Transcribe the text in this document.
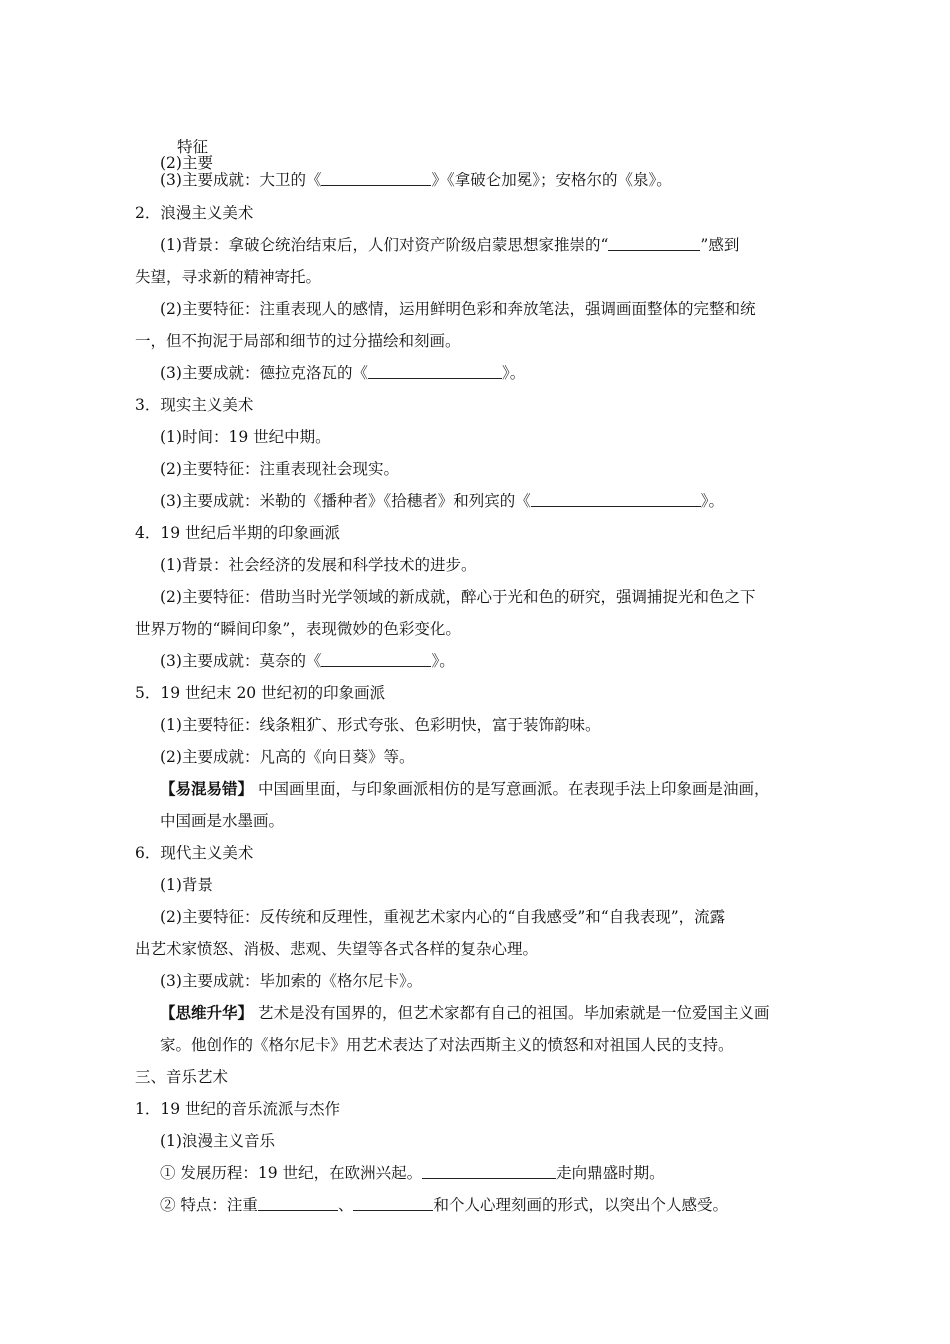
特征
(2)主要
(3)主要成就：大卫的《	》《拿破仑加冕》；安格尔的《泉》。
2．浪漫主义美术
(1)背景：拿破仑统治结束后，人们对资产阶级启蒙思想家推崇的“	”感到
失望，寻求新的精神寄托。
(2)主要特征：注重表现人的感情，运用鲜明色彩和奔放笔法，强调画面整体的完整和统
一，但不拘泥于局部和细节的过分描绘和刻画。
(3)主要成就：德拉克洛瓦的《	》。
3．现实主义美术
(1)时间：19 世纪中期。
(2)主要特征：注重表现社会现实。
(3)主要成就：米勒的《播种者》《拾穗者》和列宾的《	》。
4．19 世纪后半期的印象画派
(1)背景：社会经济的发展和科学技术的进步。
(2)主要特征：借助当时光学领域的新成就，醉心于光和色的研究，强调捕捉光和色之下
世界万物的“瞬间印象”，表现微妙的色彩变化。
(3)主要成就：莫奈的《	》。
5．19 世纪末 20 世纪初的印象画派
(1)主要特征：线条粗犷、形式夸张、色彩明快，富于装饰韵味。
(2)主要成就：凡高的《向日葵》等。
【易混易错】 中国画里面，与印象画派相仿的是写意画派。在表现手法上印象画是油画，
中国画是水墨画。
6．现代主义美术
(1)背景
(2)主要特征：反传统和反理性，重视艺术家内心的“自我感受”和“自我表现”，流露
出艺术家愤怒、消极、悲观、失望等各式各样的复杂心理。
(3)主要成就：毕加索的《格尔尼卡》。
【思维升华】 艺术是没有国界的，但艺术家都有自己的祖国。毕加索就是一位爱国主义画
家。他创作的《格尔尼卡》用艺术表达了对法西斯主义的愤怒和对祖国人民的支持。
三、音乐艺术
1．19 世纪的音乐流派与杰作
(1)浪漫主义音乐
① 发展历程：19 世纪，在欧洲兴起。	走向鼎盛时期。
② 特点：注重	、	和个人心理刻画的形式，以突出个人感受。
